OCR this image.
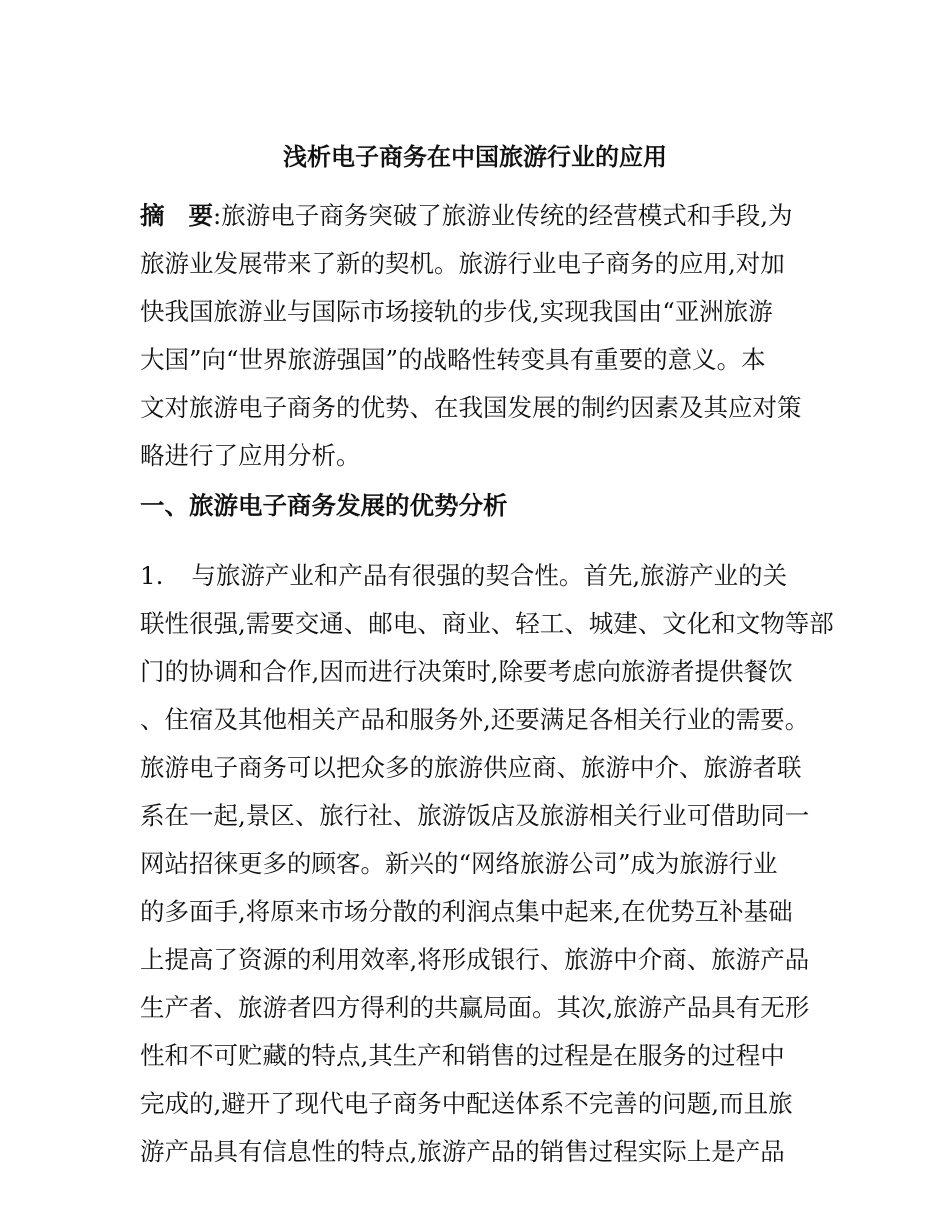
浅析电子商务在中国旅游行业的应用

摘 要:旅游电子商务突破了旅游业传统的经营模式和手段,为

旅游业发展带来了新的契机。旅游行业电子商务的应用,对加

快我国旅游业与国际市场接轨的步伐,实现我国由“亚洲旅游

大国”向“世界旅游强国”的战略性转变具有重要的意义。本

文对旅游电子商务的优势、在我国发展的制约因素及其应对策

略进行了应用分析。

一、旅游电子商务发展的优势分析

1. 与旅游产业和产品有很强的契合性。首先,旅游产业的关

联性很强,需要交通、邮电、商业、轻工、城建、文化和文物等部

门的协调和合作,因而进行决策时,除要考虑向旅游者提供餐饮

、住宿及其他相关产品和服务外,还要满足各相关行业的需要。

旅游电子商务可以把众多的旅游供应商、旅游中介、旅游者联

系在一起,景区、旅行社、旅游饭店及旅游相关行业可借助同一

网站招徕更多的顾客。新兴的“网络旅游公司”成为旅游行业

的多面手,将原来市场分散的利润点集中起来,在优势互补基础

上提高了资源的利用效率,将形成银行、旅游中介商、旅游产品

生产者、旅游者四方得利的共赢局面。其次,旅游产品具有无形

性和不可贮藏的特点,其生产和销售的过程是在服务的过程中

完成的,避开了现代电子商务中配送体系不完善的问题,而且旅

游产品具有信息性的特点,旅游产品的销售过程实际上是产品
